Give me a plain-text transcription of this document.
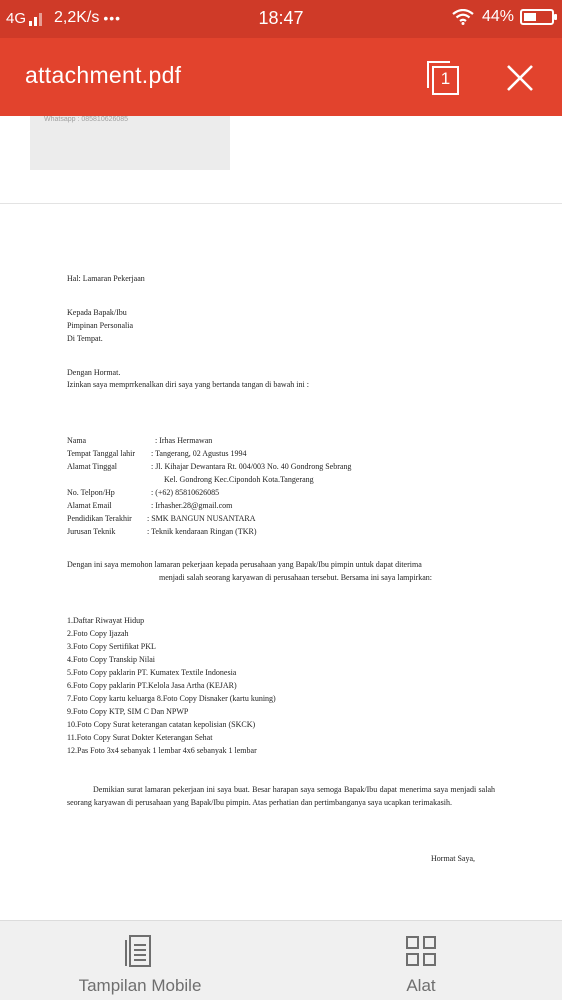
4G 2,2K/s •••	18:47	44%
attachment.pdf	1
Whatsapp : 085810626085
Hal: Lamaran Pekerjaan
Kepada Bapak/Ibu
Pimpinan Personalia
Di Tempat.
Dengan Hormat.
Izinkan saya memprrkenalkan diri saya yang bertanda tangan di bawah ini :
Nama	: Irhas Hermawan
Tempat Tanggal lahir : Tangerang, 02 Agustus 1994
Alamat Tinggal	: Jl. Kihajar Dewantara Rt. 004/003 No. 40 Gondrong Sebrang
Kel. Gondrong Kec.Cipondoh Kota.Tangerang
No. Telpon/Hp	: (+62) 85810626085
Alamat Email	: Irhasher.28@gmail.com
Pendidikan Terakhir : SMK BANGUN NUSANTARA
Jurusan Teknik	: Teknik kendaraan Ringan (TKR)
Dengan ini saya memohon lamaran pekerjaan kepada perusahaan yang Bapak/Ibu pimpin untuk dapat diterima
menjadi salah seorang karyawan di perusahaan tersebut. Bersama ini saya lampirkan:
1.Daftar Riwayat Hidup
2.Foto Copy Ijazah
3.Foto Copy Sertifikat PKL
4.Foto Copy Transkip Nilai
5.Foto Copy paklarin PT. Kumatex Textile Indonesia
6.Foto Copy paklarin PT.Kelola Jasa Artha (KEJAR)
7.Foto Copy kartu keluarga 8.Foto Copy Disnaker (kartu kuning)
9.Foto Copy KTP, SIM C Dan NPWP
10.Foto Copy Surat keterangan catatan kepolisian (SKCK)
11.Foto Copy Surat Dokter Keterangan Sehat
12.Pas Foto 3x4 sebanyak 1 lembar 4x6 sebanyak 1 lembar
Demikian surat lamaran pekerjaan ini saya buat. Besar harapan saya semoga Bapak/Ibu dapat menerima saya menjadi salah seorang karyawan di perusahaan yang Bapak/Ibu pimpin. Atas perhatian dan pertimbanganya saya ucapkan terimakasih.
Hormat Saya,
Tampilan Mobile	Alat
